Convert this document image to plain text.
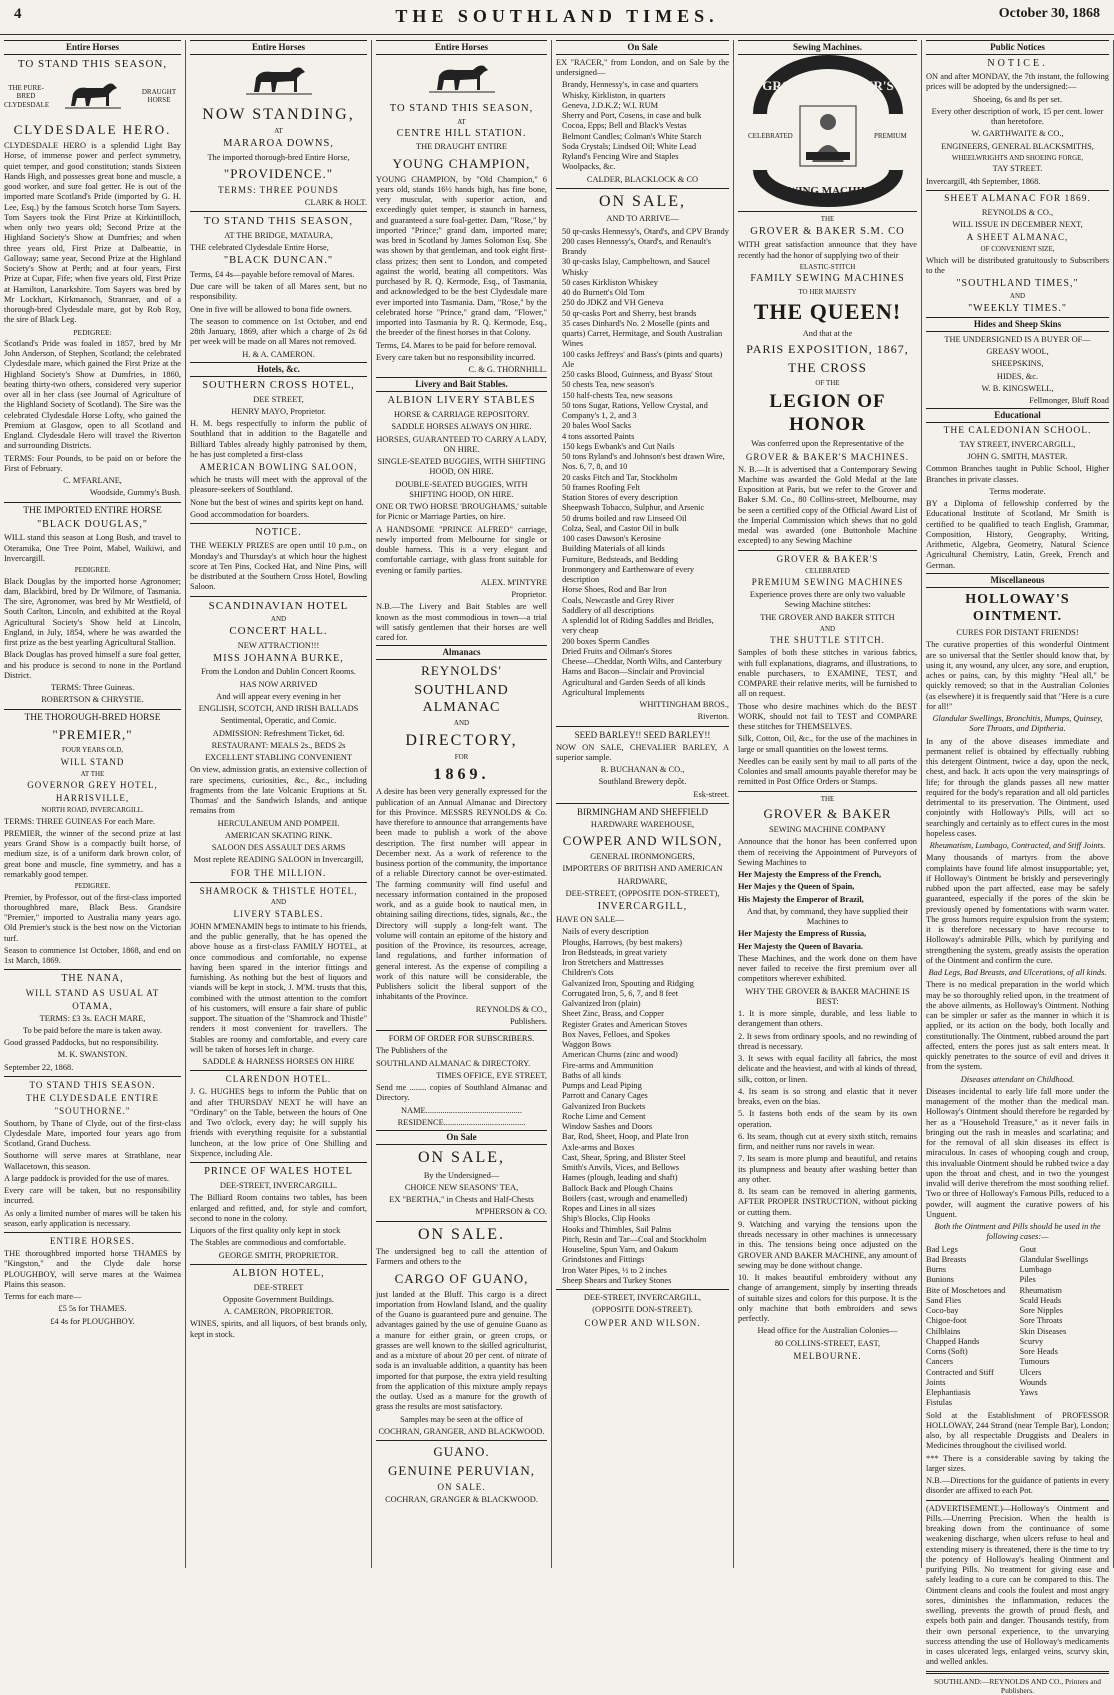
4	THE SOUTHLAND TIMES.	October 30, 1868
Entire Horses
TO STAND THIS SEASON,
THE PURE-BRED CLYDESDALE
DRAUGHT HORSE
CLYDESDALE HERO.
CLYDESDALE HERO is a splendid Light Bay Horse, of immense power and perfect symmetry, quiet temper, and good constitution; stands Sixteen Hands High, and possesses great bone and muscle, a good worker, and sure foal getter. He is out of the imported mare Scotland's Pride (imported by G. H. Lee, Esq.) by the famous Scotch horse Tom Sayers. Tom Sayers took the First Prize at Kirkintilloch, when only two years old; Second Prize at the Highland Society's Show at Dumfries; and when three years old, First Prize at Dalbeattie, in Galloway; same year, Second Prize at the Highland Society's Show at Perth; and at four years, First Prize at Cupar, Fife; when five years old, First Prize at Hamilton, Lanarkshire. Tom Sayers was bred by Mr Lockhart, Kirkmanoch, Stranraer, and of a thorough-bred Clydesdale mare, got by Rob Roy, the sire of Black Leg.
PEDIGREE:
Scotland's Pride was foaled in 1857, bred by Mr John Anderson, of Stephen, Scotland; the celebrated Clydesdale mare, which gained the First Prize at the Highland Society's Show at Dumfries, in 1860, beating thirty-two others, considered very superior over all in her class (see Journal of Agriculture of the Highland Society of Scotland). The Sire was the celebrated Clydesdale Horse Lofty, who gained the Premium at Glasgow, open to all Scotland and England. Clydesdale Hero will travel the Riverton and surrounding Districts.
TERMS: Four Pounds, to be paid on or before the First of February.
C. M'FARLANE,
Woodside, Gummy's Bush.
THE IMPORTED ENTIRE HORSE
"BLACK DOUGLAS,"
WILL stand this season at Long Bush, and travel to Oteramika, One Tree Point, Mabel, Waikiwi, and Invercargill.
PEDIGREE.
Black Douglas by the imported horse Agronomer; dam, Blackbird, bred by Dr Wilmore, of Tasmania. The sire, Agronomer, was bred by Mr Westfield, of South Carlton, Lincoln, and exhibited at the Royal Agricultural Society's Show held at Lincoln, England, in July, 1854, where he was awarded the first prize as the best yearling Agricultural Stallion.
Black Douglas has proved himself a sure foal getter, and his produce is second to none in the Portland District.
TERMS: Three Guineas.
ROBERTSON & CHRYSTIE.
THE THOROUGH-BRED HORSE
"PREMIER,"
FOUR YEARS OLD,
WILL STAND
AT THE
GOVERNOR GREY HOTEL,
HARRISVILLE,
NORTH ROAD, INVERCARGILL.
TERMS: THREE GUINEAS For each Mare.
PREMIER, the winner of the second prize at last years Grand Show is a compactly built horse, of medium size, is of a uniform dark brown color, of great bone and muscle, fine symmetry, and has a remarkably good temper.
PEDIGREE.
Premier, by Professor, out of the first-class imported thoroughbred mare, Black Bess. Grandsire "Premier," imported to Australia many years ago. Old Premier's stock is the best now on the Victorian turf.
Season to commence 1st October, 1868, and end on 1st March, 1869.
THE NANA,
WILL STAND AS USUAL AT
OTAMA,
TERMS: £3 3s. EACH MARE,
To be paid before the mare is taken away.
Good grassed Paddocks, but no responsibility.
M. K. SWANSTON.
September 22, 1868.
TO STAND THIS SEASON.
THE CLYDESDALE ENTIRE
"SOUTHORNE."
Southorn, by Thane of Clyde, out of the first-class Clydesdale Mare, imported four years ago from Scotland, Grand Duchess.
Southorne will serve mares at Strathlane, near Wallacetown, this season.
A large paddock is provided for the use of mares.
Every care will be taken, but no responsibility incurred.
As only a limited number of mares will be taken his season, early application is necessary.
ENTIRE HORSES.
THE thoroughbred imported horse THAMES by "Kingston," and the Clyde dale horse PLOUGHBOY, will serve mares at the Waimea Plains this season.
Terms for each mare—
£5 5s for THAMES.
£4 4s for PLOUGHBOY.
Entire Horses
NOW STANDING,
AT
MARAROA DOWNS,
The imported thorough-bred Entire Horse,
"PROVIDENCE."
TERMS: THREE POUNDS
CLARK & HOLT.
TO STAND THIS SEASON,
AT THE BRIDGE, MATAURA,
THE celebrated Clydesdale Entire Horse,
"BLACK DUNCAN."
Terms, £4 4s—payable before removal of Mares.
Due care will be taken of all Mares sent, but no responsibility.
One in five will be allowed to bona fide owners.
The season to commence on 1st October, and end 28th January, 1869, after which a charge of 2s 6d per week will be made on all Mares not removed.
H. & A. CAMERON.
Hotels, &c.
SOUTHERN CROSS HOTEL,
DEE STREET,
HENRY MAYO, Proprietor.
H. M. begs respectfully to inform the public of Southland that in addition to the Bagatelle and Billiard Tables already highly patronised by them, he has just completed a first-class
AMERICAN BOWLING SALOON,
which he trusts will meet with the approval of the pleasure-seekers of Southland.
None but the best of wines and spirits kept on hand.
Good accommodation for boarders.
NOTICE.
THE WEEKLY PRIZES are open until 10 p.m., on Monday's and Thursday's at which hour the highest score at Ten Pins, Cocked Hat, and Nine Pins, will be distributed at the Southern Cross Hotel, Bowling Saloon.
SCANDINAVIAN HOTEL
AND
CONCERT HALL.
NEW ATTRACTION!!!
MISS JOHANNA BURKE,
From the London and Dublin Concert Rooms.
HAS NOW ARRIVED
And will appear every evening in her
ENGLISH, SCOTCH, AND IRISH BALLADS
Sentimental, Operatic, and Comic.
ADMISSION: Refreshment Ticket, 6d.
RESTAURANT: MEALS 2s., BEDS 2s
EXCELLENT STABLING CONVENIENT
On view, admission gratis, an extensive collection of rare specimens, curiosities, &c., &c., including fragments from the late Volcanic Eruptions at St. Thomas' and the Sandwich Islands, and antique remains from
HERCULANEUM AND POMPEII.
AMERICAN SKATING RINK.
SALOON DES ASSAULT DES ARMS
Most replete READING SALOON in Invercargill,
FOR THE MILLION.
SHAMROCK & THISTLE HOTEL,
AND
LIVERY STABLES.
JOHN M'MENAMIN begs to intimate to his friends, and the public generally, that he has opened the above house as a first-class FAMILY HOTEL, at once commodious and comfortable, no expense having been spared in the interior fittings and furnishing. As nothing but the best of liquors and viands will be kept in stock, J. M'M. trusts that this, combined with the utmost attention to the comfort of his customers, will ensure a fair share of public support. The situation of the "Shamrock and Thistle" renders it most convenient for travellers. The Stables are roomy and comfortable, and every care will be taken of horses left in charge.
SADDLE & HARNESS HORSES ON HIRE
CLARENDON HOTEL.
J. G. HUGHES begs to inform the Public that on and after THURSDAY NEXT he will have an "Ordinary" on the Table, between the hours of One and Two o'clock, every day; he will supply his friends with everything requisite for a substantial luncheon, at the low price of One Shilling and Sixpence, including Ale.
PRINCE OF WALES HOTEL
DEE-STREET, INVERCARGILL.
The Billiard Room contains two tables, has been enlarged and refitted, and, for style and comfort, second to none in the colony.
Liquors of the first quality only kept in stock
The Stables are commodious and comfortable.
GEORGE SMITH, PROPRIETOR.
ALBION HOTEL,
DEE-STREET
Opposite Government Buildings.
A. CAMERON, PROPRIETOR.
WINES, spirits, and all liquors, of best brands only, kept in stock.
Entire Horses
TO STAND THIS SEASON,
AT
CENTRE HILL STATION.
THE DRAUGHT ENTIRE
YOUNG CHAMPION,
YOUNG CHAMPION, by "Old Champion," 6 years old, stands 16½ hands high, has fine bone, very muscular, with superior action, and exceedingly quiet temper, is staunch in harness, and guaranteed a sure foal-getter. Dam, "Rose," by imported "Prince;" grand dam, imported mare; was bred in Scotland by James Solomon Esq. She was shown by that gentleman, and took eight first-class prizes; then sent to London, and competed against the world, beating all competitors. Was purchased by R. Q. Kermode, Esq., of Tasmania, and acknowledged to be the best Clydesdale mare ever imported into Tasmania. Dam, "Rose," by the celebrated horse "Prince," grand dam, "Flower," imported into Tasmania by R. Q. Kermode, Esq., the breeder of the finest horses in that Colony.
Terms, £4. Mares to be paid for before removal.
Every care taken but no responsibility incurred.
C. & G. THORNHILL.
Livery and Bait Stables.
ALBION LIVERY STABLES
HORSE & CARRIAGE REPOSITORY.
SADDLE HORSES ALWAYS ON HIRE.
HORSES, GUARANTEED TO CARRY A LADY, ON HIRE.
SINGLE-SEATED BUGGIES, WITH SHIFTING HOOD, ON HIRE.
DOUBLE-SEATED BUGGIES, WITH SHIFTING HOOD, ON HIRE.
ONE OR TWO HORSE 'BROUGHAMS,' suitable for Picnic or Marriage Parties, on hire.
A HANDSOME "PRINCE ALFRED" carriage, newly imported from Melbourne for single or double harness. This is a very elegant and comfortable carriage, with glass front suitable for evening or family parties.
ALEX. M'INTYRE
Proprietor.
N.B.—The Livery and Bait Stables are well known as the most commodious in town—a trial will satisfy gentlemen that their horses are well cared for.
Almanacs
REYNOLDS'
SOUTHLAND ALMANAC
AND
DIRECTORY,
FOR
1869.
A desire has been very generally expressed for the publication of an Annual Almanac and Directory for this Province. MESSRS REYNOLDS & Co. have therefore to announce that arrangements have been made to publish a work of the above description. The first number will appear in December next. As a work of reference to the business portion of the community, the importance of a reliable Directory cannot be over-estimated. The farming community will find useful and necessary information contained in the proposed work, and as a guide book to nautical men, in obtaining sailing directions, tides, signals, &c., the Directory will supply a long-felt want. The volume will contain an epitome of the history and position of the Province, its resources, acreage, land regulations, and further information of general interest. As the expense of compiling a work of this nature will be considerable, the Publishers solicit the liberal support of the inhabitants of the Province.
REYNOLDS & CO.,
Publishers.
FORM OF ORDER FOR SUBSCRIBERS.
The Publishers of the
SOUTHLAND ALMANAC & DIRECTORY.
TIMES OFFICE, EYE STREET,
Send me ........ copies of Southland Almanac and Directory.
NAME..............................................
RESIDENCE.......................................
On Sale
ON SALE,
By the Undersigned—
CHOICE NEW SEASONS' TEA,
EX "BERTHA," in Chests and Half-Chests
M'PHERSON & CO.
ON SALE.
The undersigned beg to call the attention of Farmers and others to the
CARGO OF GUANO,
just landed at the Bluff. This cargo is a direct importation from Howland Island, and the quality of the Guano is guaranteed pure and genuine. The advantages gained by the use of genuine Guano as a manure for either grain, or green crops, or grasses are well known to the skilled agriculturist, and as a mixture of about 20 per cent. of nitrate of soda is an invaluable addition, a quantity has been imported for that purpose, the extra yield resulting from the application of this mixture amply repays the outlay. Used as a manure for the growth of grass the results are most satisfactory.
Samples may be seen at the office of
COCHRAN, GRANGER, AND BLACKWOOD.
GUANO.
GENUINE PERUVIAN,
ON SALE.
COCHRAN, GRANGER & BLACKWOOD.
On Sale
EX "RACER," from London, and on Sale by the undersigned—
Brandy, Hennessy's, in case and quarters
Whisky, Kirkliston, in quarters
Geneva, J.D.K.Z; W.I. RUM
Sherry and Port, Cosens, in case and bulk
Cocoa, Epps; Bell and Black's Vestas
Belmont Candles; Colman's White Starch
Soda Crystals; Lindsed Oil; White Lead
Ryland's Fencing Wire and Staples
Woolpacks, &c.
CALDER, BLACKLOCK & CO
ON SALE,
AND TO ARRIVE—
50 qr-casks Hennessy's, Otard's, and CPV Brandy
200 cases Hennessy's, Otard's, and Renault's Brandy
30 qr-casks Islay, Campbeltown, and Saucel Whisky
50 cases Kirkliston Whiskey
40 do Burnett's Old Tom
250 do JDKZ and VH Geneva
50 qr-casks Port and Sherry, best brands
35 cases Dinhard's No. 2 Moselle (pints and quarts) Carret, Hermitage, and South Australian Wines
100 casks Jeffreys' and Bass's (pints and quarts) Ale
250 casks Blood, Guinness, and Byass' Stout
50 chests Tea, new season's
150 half-chests Tea, new seasons
50 tons Sugar, Rations, Yellow Crystal, and Company's 1, 2, and 3
20 bales Wool Sacks
4 tons assorted Paints
150 kegs Ewbank's and Cut Nails
50 tons Ryland's and Johnson's best drawn Wire, Nos. 6, 7, 8, and 10
20 casks Fitch and Tar, Stockholm
50 frames Roofing Felt
Station Stores of every description
Sheepwash Tobacco, Sulphur, and Arsenic
50 drums boiled and raw Linseed Oil
Colza, Seal, and Castor Oil in bulk
100 cases Dawson's Kerosine
Building Materials of all kinds
Furniture, Bedsteads, and Bedding
Ironmongery and Earthenware of every description
Horse Shoes, Rod and Bar Iron
Coals, Newcastle and Grey River
Saddlery of all descriptions
A splendid lot of Riding Saddles and Bridles, very cheap
200 boxes Sperm Candles
Dried Fruits and Oilman's Stores
Cheese—Cheddar, North Wilts, and Canterbury
Hams and Bacon—Sinclair and Provincial
Agricultural and Garden Seeds of all kinds
Agricultural Implements
WHITTINGHAM BROS.,
Riverton.
SEED BARLEY!! SEED BARLEY!!
NOW ON SALE, CHEVALIER BARLEY, A superior sample.
R. BUCHANAN & CO.,
Southland Brewery depôt.
Esk-street.
BIRMINGHAM AND SHEFFIELD
HARDWARE WAREHOUSE,
COWPER AND WILSON,
GENERAL IRONMONGERS,
IMPORTERS OF BRITISH AND AMERICAN
HARDWARE,
DEE-STREET, (OPPOSITE DON-STREET),
INVERCARGILL,
HAVE ON SALE—
Nails of every description
Ploughs, Harrows, (by best makers)
Iron Bedsteads, in great variety
Iron Stretchers and Mattresses
Children's Cots
Galvanized Iron, Spouting and Ridging
Corrugated Iron, 5, 6, 7, and 8 feet
Galvanized Iron (plain)
Sheet Zinc, Brass, and Copper
Register Grates and American Stoves
Box Naves, Felloes, and Spokes
Waggon Bows
American Churns (zinc and wood)
Fire-arms and Ammunition
Baths of all kinds
Pumps and Lead Piping
Parrott and Canary Cages
Galvanized Iron Buckets
Roche Lime and Cement
Window Sashes and Doors
Bar, Rod, Sheet, Hoop, and Plate Iron
Axle-arms and Boxes
Cast, Shear, Spring, and Blister Steel
Smith's Anvils, Vices, and Bellows
Hames (plough, leading and shaft)
Ballock Back and Plough Chains
Boilers (cast, wrough and enamelled)
Ropes and Lines in all sizes
Ship's Blocks, Clip Hooks
Hooks and Thimbles, Sail Palms
Pitch, Resin and Tar—Coal and Stockholm
Houseline, Spun Yarn, and Oakum
Grindstones and Fittings
Iron Water Pipes, ½ to 2 inches
Sheep Shears and Turkey Stones
DEE-STREET, INVERCARGILL,
(OPPOSITE DON-STREET).
COWPER AND WILSON.
Sewing Machines.
GROVER & BAKER'S
CELEBRATED	PREMIUM
SEWING MACHINES
THE
GROVER & BAKER S.M. CO
WITH great satisfaction announce that they have recently had the honor of supplying two of their
ELASTIC-STITCH
FAMILY SEWING MACHINES
TO HER MAJESTY
THE QUEEN!
And that at the
PARIS EXPOSITION, 1867,
THE CROSS
OF THE
LEGION OF HONOR
Was conferred upon the Representative of the
GROVER & BAKER'S MACHINES.
N. B.—It is advertised that a Contemporary Sewing Machine was awarded the Gold Medal at the late Exposition at Paris, but we refer to the Grover and Baker S.M. Co., 80 Collins-street, Melbourne, may be seen a certified copy of the Official Award List of the Imperial Commission which shews that no gold medal was awarded (one Buttonhole Machine excepted) to any Sewing Machine
GROVER & BAKER'S
CELEBRATED
PREMIUM SEWING MACHINES
Experience proves there are only two valuable Sewing Machine stitches:
THE GROVER AND BAKER STITCH
AND
THE SHUTTLE STITCH.
Samples of both these stitches in various fabrics, with full explanations, diagrams, and illustrations, to enable purchasers, to EXAMINE, TEST, and COMPARE their relative merits, will be furnished to all on request.
Those who desire machines which do the BEST WORK, should not fail to TEST and COMPARE these stitches for THEMSELVES.
Silk, Cotton, Oil, &c., for the use of the machines in large or small quantities on the lowest terms.
Needles can be easily sent by mail to all parts of the Colonies and small amounts payable therefor may be remitted in Post Office Orders or Stamps.
THE
GROVER & BAKER
SEWING MACHINE COMPANY
Announce that the honor has been conferred upon them of receiving the Appointment of Purveyors of Sewing Machines to
Her Majesty the Empress of the French,
Her Majes y the Queen of Spain,
His Majesty the Emperor of Brazil,
And that, by command, they have supplied their Machines to
Her Majesty the Empress of Russia,
Her Majesty the Queen of Bavaria.
These Machines, and the work done on them have never failed to receive the first premium over all competitors wherever exhibited.
WHY THE GROVER & BAKER MACHINE IS BEST:
1. It is more simple, durable, and less liable to derangement than others.
2. It sews from ordinary spools, and no rewinding of thread is necessary.
3. It sews with equal facility all fabrics, the most delicate and the heaviest, and with al kinds of thread, silk, cotton, or linen.
4. Its seam is so strong and elastic that it never breaks, even on the bias.
5. It fastens both ends of the seam by its own operation.
6. Its seam, though cut at every sixth stitch, remains firm, and neither runs nor ravels in wear.
7. Its seam is more plump and beautiful, and retains its plumpness and beauty after washing better than any other.
8. Its seam can be removed in altering garments, AFTER PROPER INSTRUCTION, without picking or cutting them.
9. Watching and varying the tensions upon the threads necessary in other machines is unnecessary in this. The tensions being once adjusted on the GROVER AND BAKER MACHINE, any amount of sewing may be done without change.
10. It makes beautiful embroidery without any change of arrangement, simply by inserting threads of suitable sizes and colors for this purpose. It is the only machine that both embroiders and sews perfectly.
Head office for the Australian Colonies—
80 COLLINS-STREET, EAST,
MELBOURNE.
Public Notices
NOTICE.
ON and after MONDAY, the 7th instant, the following prices will be adopted by the undersigned:—
Shoeing, 6s and 8s per set.
Every other description of work, 15 per cent. lower than heretofore.
W. GARTHWAITE & CO.,
ENGINEERS, GENERAL BLACKSMITHS,
WHEELWRIGHTS AND SHOEING FORGE,
TAY STREET.
Invercargill, 4th September, 1868.
SHEET ALMANAC FOR 1869.
REYNOLDS & CO.,
WILL ISSUE IN DECEMBER NEXT,
A SHEET ALMANAC,
OF CONVENIENT SIZE,
Which will be distributed gratuitously to Subscribers to the
"SOUTHLAND TIMES,"
AND
"WEEKLY TIMES."
Hides and Sheep Skins
THE UNDERSIGNED IS A BUYER OF—
GREASY WOOL,
SHEEPSKINS,
HIDES, &c.
W. B. KINGSWELL,
Fellmonger, Bluff Road
Educational
THE CALEDONIAN SCHOOL.
TAY STREET, INVERCARGILL,
JOHN G. SMITH, MASTER.
Common Branches taught in Public School, Higher Branches in private classes.
Terms moderate.
BY a Diploma of fellowship conferred by the Educational Institute of Scotland, Mr Smith is certified to be qualified to teach English, Grammar, Composition, History, Geography, Writing, Arithmetic, Algebra, Geometry, Natural Science Agricultural Chemistry, Latin, Greek, French and German.
Miscellaneous
HOLLOWAY'S OINTMENT.
CURES FOR DISTANT FRIENDS!
The curative properties of this wonderful Ointment are so universal that the Settler should know that, by using it, any wound, any ulcer, any sore, and eruption, aches or pains, can, by this mighty "Heal all," be quickly removed; so that in the Australian Colonies (as elsewhere) it is frequently said that "Here is a cure for all!"
Glandular Swellings, Bronchitis, Mumps, Quinsey, Sore Throats, and Diptheria.
In any of the above diseases immediate and permanent relief is obtained by effectually rubbing this detergent Ointment, twice a day, upon the neck, chest, and back. It acts upon the very mainsprings of life; for through the glands passes all new matter required for the body's reparation and all old particles detrimental to its preservation. The Ointment, used conjointly with Holloway's Pills, will act so searchingly and certainly as to effect cures in the most hopeless cases.
Rheumatism, Lumbago, Contracted, and Stiff Joints.
Many thousands of martyrs from the above complaints have found life almost insupportable; yet, if Holloway's Ointment be briskly and perseveringly rubbed upon the part affected, ease may be safely guaranteed, especially if the pores of the skin be previously opened by fomentations with warm water. The gross humors require expulsion from the system; it is therefore necessary to have recourse to Holloway's admirable Pills, which by purifying and strengthening the system, greatly assists the operation of the Ointment and confirm the cure.
Bad Legs, Bad Breasts, and Ulcerations, of all kinds.
There is no medical preparation in the world which may be so thoroughly relied upon, in the treatment of the above ailments, as Holloway's Ointment. Nothing can be simpler or safer as the manner in which it is applied, or its action on the body, both locally and constitutionally. The Ointment, rubbed around the part affected, enters the pores just as salt enters meat. It quickly penetrates to the source of evil and drives it from the system.
Diseases attendant on Childhood.
Diseases incidental to early life fall more under the management of the mother than the medical man. Holloway's Ointment should therefore be regarded by her as a "Household Treasure," as it never fails in bringing out the rash in measles and scarlatina; and for the removal of all skin diseases its effect is miraculous. In cases of whooping cough and croup, this invaluable Ointment should be rubbed twice a day upon the throat and chest, and in two the youngest invalid will derive therefrom the most soothing relief. Two or three of Holloway's Famous Pills, reduced to a powder, will augment the curative powers of his Unguent.
Both the Ointment and Pills should be used in the following cases:—
Bad Legs	Gout
Bad Breasts	Glandular Swellings
Burns	Lumbago
Bunions	Piles
Bite of Moschetoes and	Rheumatism
Sand Flies	Scald Heads
Coco-bay	Sore Nipples
Chigoe-foot	Sore Throats
Chilblains	Skin Diseases
Chapped Hands	Scurvy
Corns (Soft)	Sore Heads
Cancers	Tumours
Contracted and Stiff	Ulcers
Joints	Wounds
Elephantiasis	Yaws
Fistulas
Sold at the Establishment of PROFESSOR HOLLOWAY, 244 Strand (near Temple Bar), London; also, by all respectable Druggists and Dealers in Medicines throughout the civilised world.
*** There is a considerable saving by taking the larger sizes.
N.B.—Directions for the guidance of patients in every disorder are affixed to each Pot.
(ADVERTISEMENT.)—Holloway's Ointment and Pills.—Unerring Precision. When the health is breaking down from the continuance of some weakening discharge, when ulcers refuse to heal and extending misery is threatened, there is the time to try the potency of Holloway's healing Ointment and purifying Pills. No treatment for giving ease and safely leading to a cure can be compared to this. The Ointment cleans and cools the foulest and most angry sores, diminishes the inflammation, reduces the swelling, prevents the growth of proud flesh, and expels both pain and danger. Thousands testify, from their own personal experience, to the unvarying success attending the use of Holloway's medicaments in cases ulcerated legs, enlarged veins, scurvy skin, and welled ankles.
SOUTHLAND:—REYNOLDS AND CO., Printers and Publishers.
